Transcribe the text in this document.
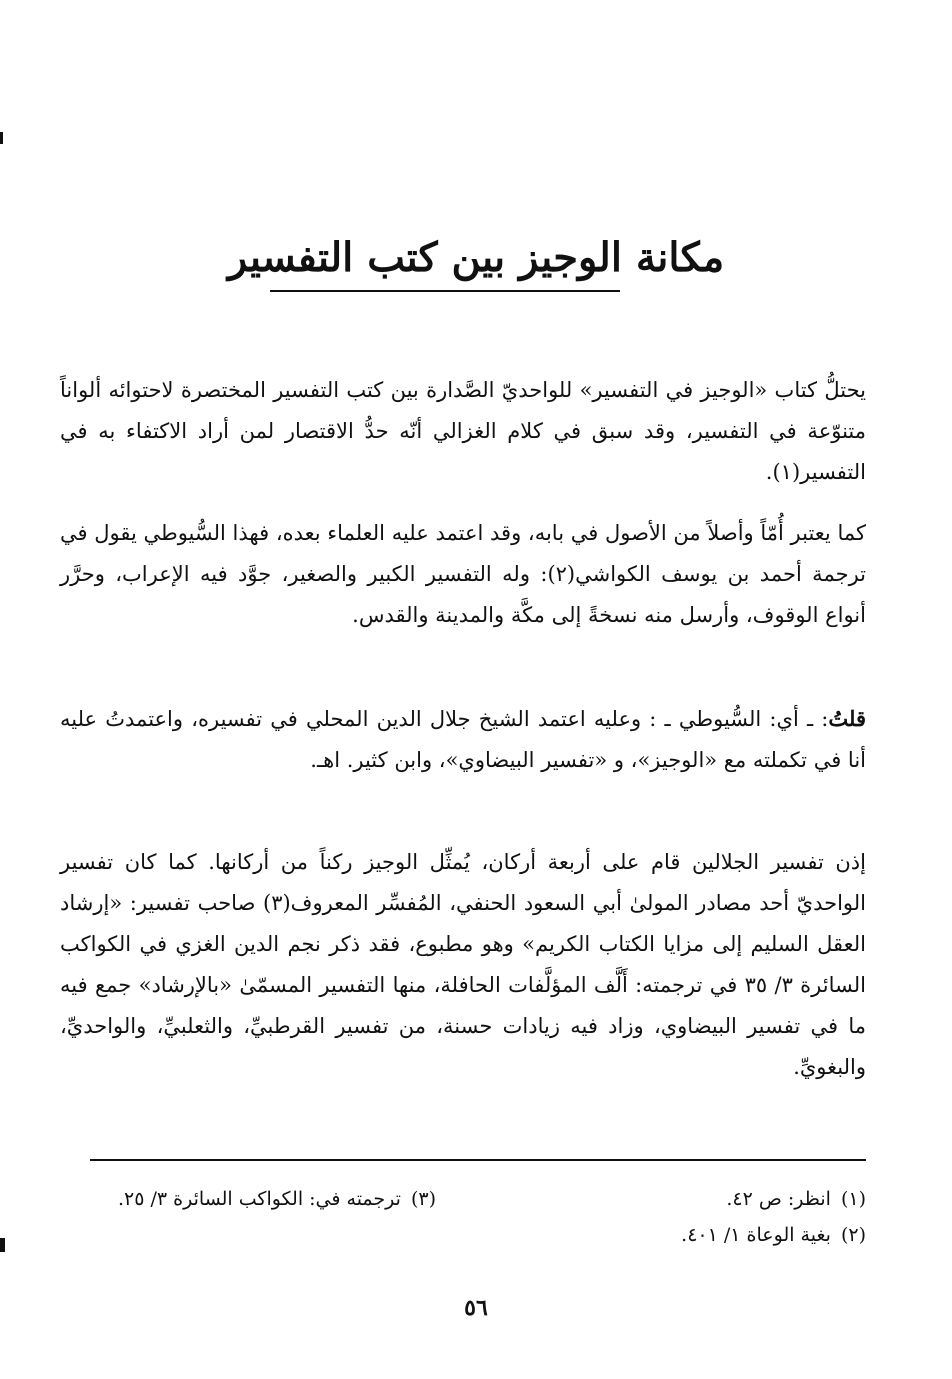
مكانة الوجيز بين كتب التفسير

يحتلُّ كتاب «الوجيز في التفسير» للواحديّ الصَّدارة بين كتب التفسير المختصرة لاحتوائه ألواناً متنوّعة في التفسير، وقد سبق في كلام الغزالي أنّه حدُّ الاقتصار لمن أراد الاكتفاء به في التفسير(١).

كما يعتبر أُمّاً وأصلاً من الأصول في بابه، وقد اعتمد عليه العلماء بعده، فهذا السُّيوطي يقول في ترجمة أحمد بن يوسف الكواشي(٢): وله التفسير الكبير والصغير، جوَّد فيه الإعراب، وحرَّر أنواع الوقوف، وأرسل منه نسخةً إلى مكَّة والمدينة والقدس.

قلتُ: ـ أي: السُّيوطي ـ : وعليه اعتمد الشيخ جلال الدين المحلي في تفسيره، واعتمدتُ عليه أنا في تكملته مع «الوجيز»، و «تفسير البيضاوي»، وابن كثير. اهـ.

إذن تفسير الجلالين قام على أربعة أركان، يُمثِّل الوجيز ركناً من أركانها. كما كان تفسير الواحديّ أحد مصادر المولىٰ أبي السعود الحنفي، المُفسِّر المعروف(٣) صاحب تفسير: «إرشاد العقل السليم إلى مزايا الكتاب الكريم» وهو مطبوع، فقد ذكر نجم الدين الغزي في الكواكب السائرة ٣/ ٣٥ في ترجمته: أَلَّف المؤلَّفات الحافلة، منها التفسير المسمّىٰ «بالإرشاد» جمع فيه ما في تفسير البيضاوي، وزاد فيه زيادات حسنة، من تفسير القرطبيِّ، والثعلبيِّ، والواحديِّ، والبغويِّ.

(١)انظر: ص ٤٢.
(٢)بغية الوعاة ١/ ٤٠١.
(٣)ترجمته في: الكواكب السائرة ٣/ ٢٥.
٥٦
